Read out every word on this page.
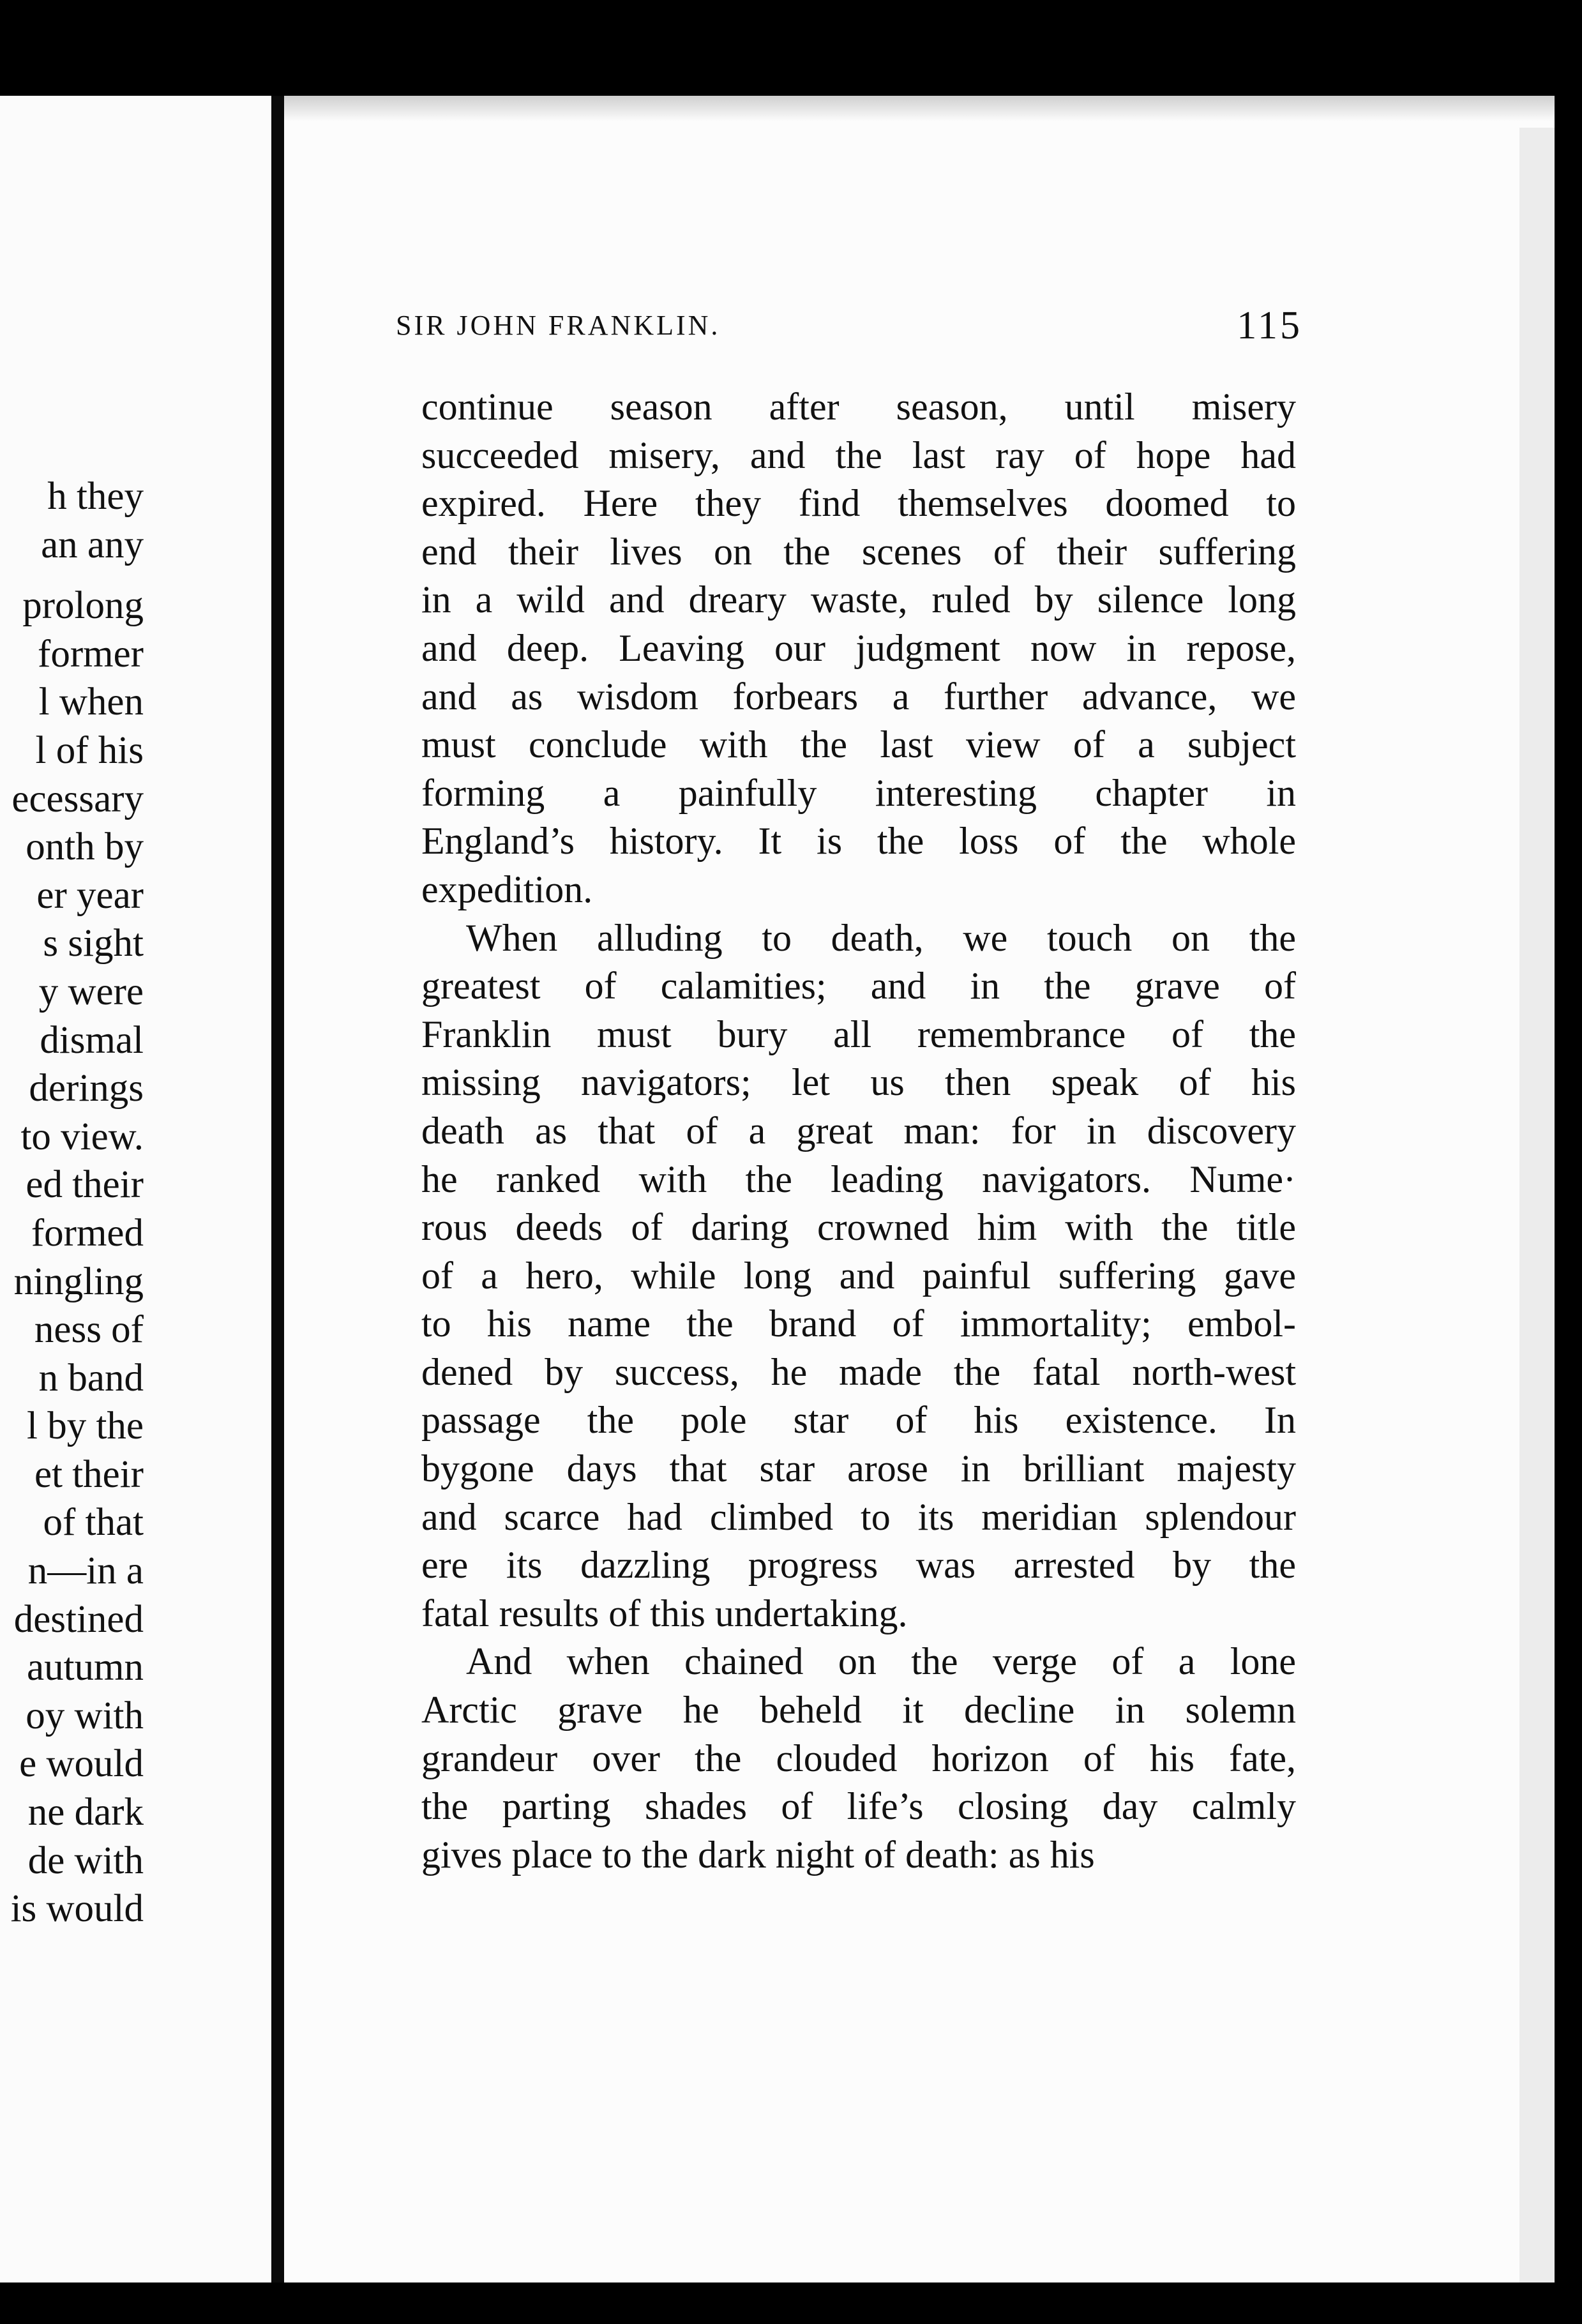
h they
an any
prolong
former
l when
l of his
ecessary
onth by
er year
s sight
y were
dismal
derings
to view.
ed their
formed
ningling
ness of
n band
l by the
et their
of that
n—in a
destined
autumn
oy with
e would
ne dark
de with
is would
SIR JOHN FRANKLIN.	115
continue season after season, until misery
succeeded misery, and the last ray of hope had
expired. Here they find themselves doomed to
end their lives on the scenes of their suffering
in a wild and dreary waste, ruled by silence long
and deep. Leaving our judgment now in repose,
and as wisdom forbears a further advance, we
must conclude with the last view of a subject
forming a painfully interesting chapter in
England’s history. It is the loss of the whole
expedition.
When alluding to death, we touch on the
greatest of calamities; and in the grave of
Franklin must bury all remembrance of the
missing navigators; let us then speak of his
death as that of a great man: for in discovery
he ranked with the leading navigators. Nume·
rous deeds of daring crowned him with the title
of a hero, while long and painful suffering gave
to his name the brand of immortality; embol-
dened by success, he made the fatal north-west
passage the pole star of his existence. In
bygone days that star arose in brilliant majesty
and scarce had climbed to its meridian splendour
ere its dazzling progress was arrested by the
fatal results of this undertaking.
And when chained on the verge of a lone
Arctic grave he beheld it decline in solemn
grandeur over the clouded horizon of his fate,
the parting shades of life’s closing day calmly
gives place to the dark night of death: as his
